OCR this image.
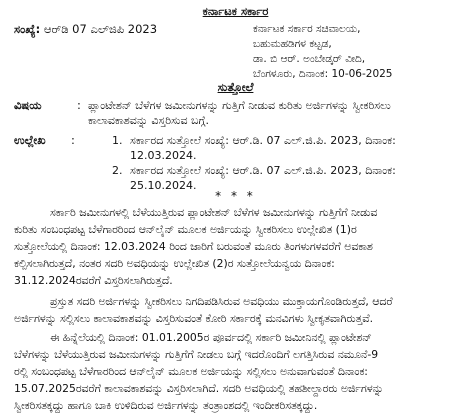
ಕರ್ನಾಟಕ ಸರ್ಕಾರ
ಸಂಖ್ಯೆ: ಆರ್‌ಡಿ 07 ಎಲ್‌ಜಿಪಿ 2023	ಕರ್ನಾಟಕ ಸರ್ಕಾರ ಸಚಿವಾಲಯ,
ಬಹುಮಹಡಿಗಳ ಕಟ್ಟಡ,
ಡಾ. ಬಿ ಆರ್. ಅಂಬೇಡ್ಕರ್ ವೀದಿ,
ಬೆಂಗಳೂರು, ದಿನಾಂಕ: 10-06-2025
ಸುತ್ತೋಲೆ
ವಿಷಯ	: ಪ್ಲಾಂಟೇಶನ್ ಬೆಳೆಗಳ ಜಮೀನುಗಳನ್ನು ಗುತ್ತಿಗೆ ನೀಡುವ ಕುರಿತು ಅರ್ಜಿಗಳನ್ನು ಸ್ವೀಕರಿಸಲು
ಕಾಲಾವಕಾಶವನ್ನು ವಿಸ್ತರಿಸುವ ಬಗ್ಗೆ.
ಉಲ್ಲೇಖ :	1. ಸರ್ಕಾರದ ಸುತ್ತೋಲೆ ಸಂಖ್ಯೆ: ಆರ್.ಡಿ. 07 ಎಲ್.ಜಿ.ಪಿ. 2023, ದಿನಾಂಕ:
12.03.2024.
2. ಸರ್ಕಾರದ ಸುತ್ತೋಲೆ ಸಂಖ್ಯೆ: ಆರ್.ಡಿ. 07 ಎಲ್.ಜಿ.ಪಿ. 2023, ದಿನಾಂಕ:
25.10.2024.
* * *
ಸರ್ಕಾರಿ ಜಮೀನುಗಳಲ್ಲಿ ಬೆಳೆಯುತ್ತಿರುವ ಪ್ಲಾಂಟೇಶನ್ ಬೆಳೆಗಳ ಜಮೀನುಗಳನ್ನು ಗುತ್ತಿಗೆಗೆ ನೀಡುವ
ಕುರಿತು ಸಂಬಂಧಪಟ್ಟ ಬೆಳೆಗಾರರಿಂದ ಆನ್‌ಲೈನ್ ಮೂಲಕ ಅರ್ಜಿಯನ್ನು ಸ್ವೀಕರಿಸಲು ಉಲ್ಲೇಖಿತ (1)ರ
ಸುತ್ತೋಲೆಯಲ್ಲಿ ದಿನಾಂಕ: 12.03.2024 ರಿಂದ ಜಾರಿಗೆ ಬರುವಂತೆ ಮೂರು ತಿಂಗಳುಗಳವರೆಗೆ ಅವಕಾಶ
ಕಲ್ಪಿಸಲಾಗಿರುತ್ತದೆ, ನಂತರ ಸದರಿ ಅವಧಿಯನ್ನು ಉಲ್ಲೇಖಿತ (2)ರ ಸುತ್ತೋಲೆಯನ್ವಯ ದಿನಾಂಕ:
31.12.2024ರವರೆಗೆ ವಿಸ್ತರಿಸಲಾಗಿರುತ್ತದೆ.
ಪ್ರಸ್ತುತ ಸದರಿ ಅರ್ಜಿಗಳನ್ನು ಸ್ವೀಕರಿಸಲು ನಿಗದಿಪಡಿಸಿರುವ ಅವಧಿಯು ಮುಕ್ತಾಯಗೊಂಡಿರುತ್ತದೆ, ಆದರೆ
ಅರ್ಜಿಗಳನ್ನು ಸಲ್ಲಿಸಲು ಕಾಲಾವಕಾಶವನ್ನು ವಿಸ್ತರಿಸುವಂತೆ ಕೋರಿ ಸರ್ಕಾರಕ್ಕೆ ಮನವಿಗಳು ಸ್ವೀಕೃತವಾಗಿರುತ್ತವೆ.
ಈ ಹಿನ್ನೆಲೆಯಲ್ಲಿ ದಿನಾಂಕ: 01.01.2005ರ ಪೂರ್ವದಲ್ಲಿ ಸರ್ಕಾರಿ ಜಮೀನಿನಲ್ಲಿ ಪ್ಲಾಂಟೇಶನ್
ಬೆಳೆಗಳನ್ನು ಬೆಳೆಯುತ್ತಿರುವ ಜಮೀನುಗಳನ್ನು ಗುತ್ತಿಗೆಗೆ ನೀಡಲು ಬಗ್ಗೆ ಇದರೊಂದಿಗೆ ಲಗತ್ತಿಸಿರುವ ನಮೂನೆ-9
ರಲ್ಲಿ ಸಂಬಂಧಪಟ್ಟ ಬೆಳೆಗಾರರಿಂದ ಆನ್‌ಲೈನ್ ಮೂಲಕ ಅರ್ಜಿಯನ್ನು ಸಲ್ಲಿಸಲು ಅನುವಾಗುವಂತೆ ದಿನಾಂಕ:
15.07.2025ರವರೆಗೆ ಕಾಲಾವಕಾಶವನ್ನು ವಿಸ್ತರಿಸಲಾಗಿದೆ. ಸದರಿ ಅವಧಿಯಲ್ಲಿ ತಹಶೀಲ್ದಾರರು ಅರ್ಜಿಗಳನ್ನು
ಸ್ವೀಕರಿಸತಕ್ಕದ್ದು ಹಾಗೂ ಬಾಕಿ ಉಳಿದಿರುವ ಅರ್ಜಿಗಳನ್ನು ತಂತ್ರಾಂಶದಲ್ಲಿ ಇಂದೀಕರಿಸತಕ್ಕದ್ದು.
